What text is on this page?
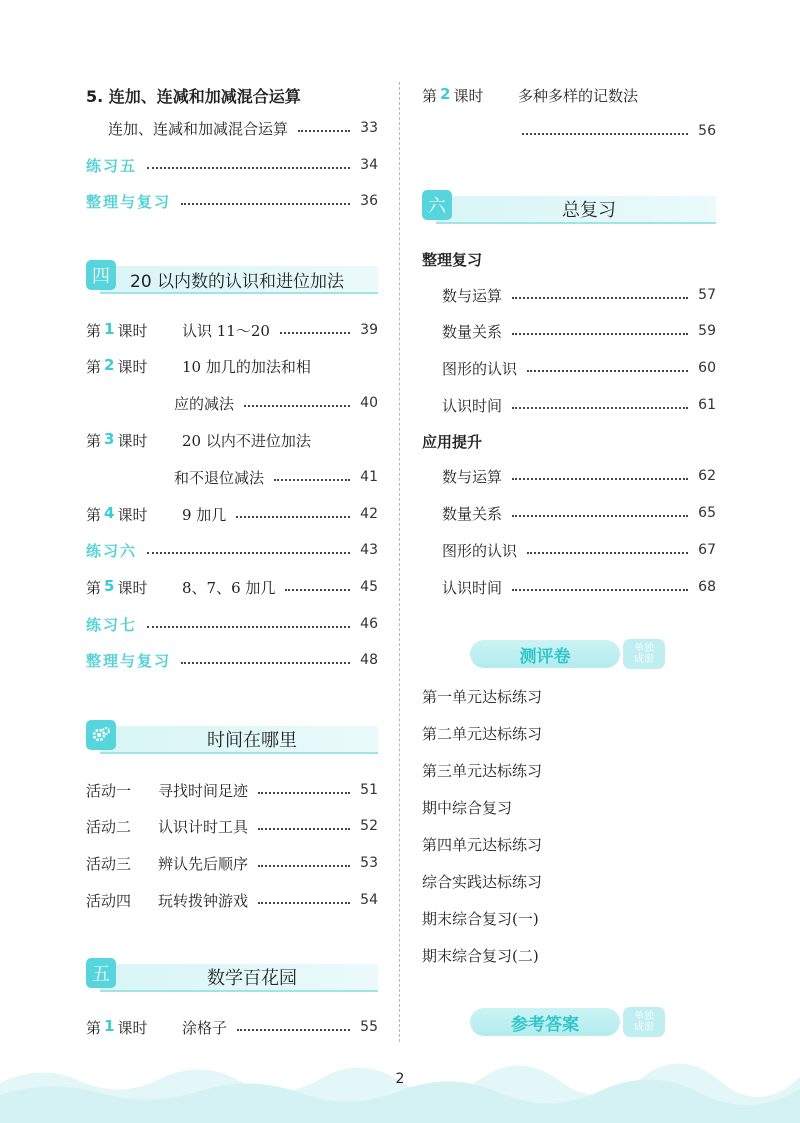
5. 连加、连减和加减混合运算
连加、连减和加减混合运算	33
练习五	34
整理与复习	36
四	20 以内数的认识和进位加法
第 1 课时 认识 11～20	39
第 2 课时 10 加几的加法和相
应的减法	40
第 3 课时 20 以内不进位加法
和不退位减法	41
第 4 课时 9 加几	42
练习六	43
第 5 课时 8、7、6 加几	45
练习七	46
整理与复习	48
时间在哪里
活动一	寻找时间足迹	51
活动二	认识计时工具	52
活动三	辨认先后顺序	53
活动四	玩转拨钟游戏	54
五	数学百花园
第 1 课时 涂格子	55
第 2 课时 多种多样的记数法
56
六	总复习
整理复习
数与运算	57
数量关系	59
图形的认识	60
认识时间	61
应用提升
数与运算	62
数量关系	65
图形的认识	67
认识时间	68
测评卷	单独
成册
第一单元达标练习
第二单元达标练习
第三单元达标练习
期中综合复习
第四单元达标练习
综合实践达标练习
期末综合复习(一)
期末综合复习(二)
参考答案	单独
成册
2
